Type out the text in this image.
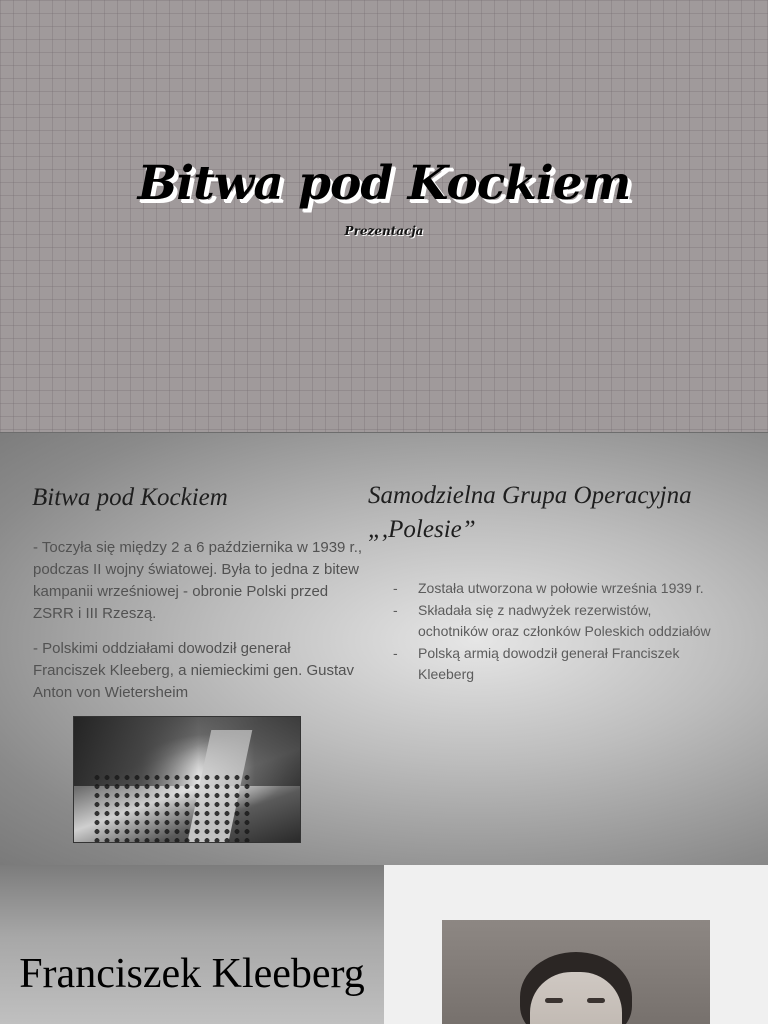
Bitwa pod Kockiem
Prezentacja
Bitwa pod Kockiem

- Toczyła się między 2 a 6 października w 1939 r., podczas II wojny światowej. Była to jedna z bitew kampanii wrześniowej - obronie Polski przed ZSRR i III Rzeszą.

- Polskimi oddziałami dowodził generał Franciszek Kleeberg, a niemieckimi gen. Gustav Anton von Wietersheim

Samodzielna Grupa Operacyjna „,Polesie”
- Została utworzona w połowie września 1939 r.
- Składała się z nadwyżek rezerwistów, ochotników oraz członków Poleskich oddziałów
- Polską armią dowodził generał Franciszek Kleeberg
Franciszek Kleeberg
